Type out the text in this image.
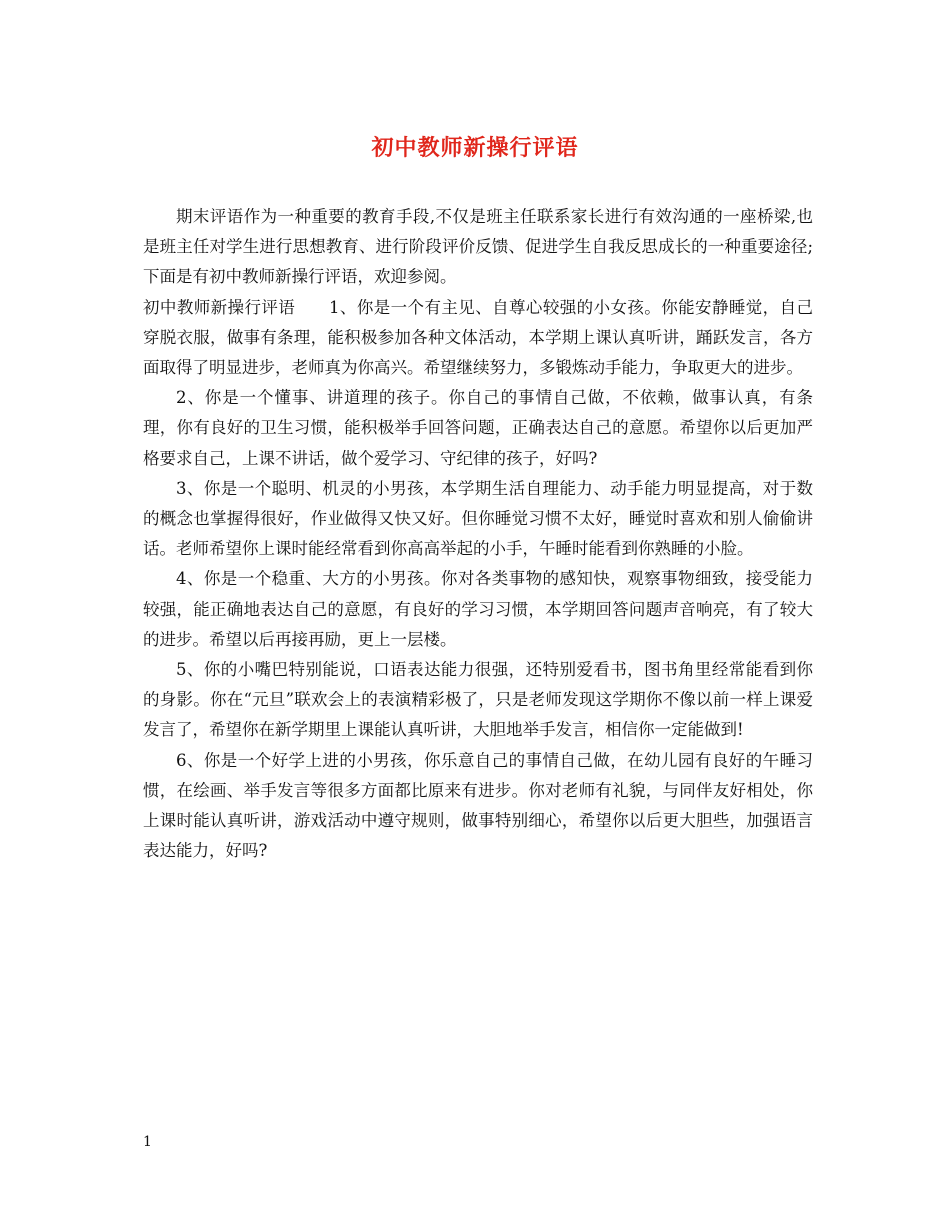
初中教师新操行评语

期末评语作为一种重要的教育手段,不仅是班主任联系家长进行有效沟通的一座桥梁,也是班主任对学生进行思想教育、进行阶段评价反馈、促进学生自我反思成长的一种重要途径;下面是有初中教师新操行评语，欢迎参阅。

初中教师新操行评语　　1、你是一个有主见、自尊心较强的小女孩。你能安静睡觉，自己穿脱衣服，做事有条理，能积极参加各种文体活动，本学期上课认真听讲，踊跃发言，各方面取得了明显进步，老师真为你高兴。希望继续努力，多锻炼动手能力，争取更大的进步。

2、你是一个懂事、讲道理的孩子。你自己的事情自己做，不依赖，做事认真，有条理，你有良好的卫生习惯，能积极举手回答问题，正确表达自己的意愿。希望你以后更加严格要求自己，上课不讲话，做个爱学习、守纪律的孩子，好吗?

3、你是一个聪明、机灵的小男孩，本学期生活自理能力、动手能力明显提高，对于数的概念也掌握得很好，作业做得又快又好。但你睡觉习惯不太好，睡觉时喜欢和别人偷偷讲话。老师希望你上课时能经常看到你高高举起的小手，午睡时能看到你熟睡的小脸。

4、你是一个稳重、大方的小男孩。你对各类事物的感知快，观察事物细致，接受能力较强，能正确地表达自己的意愿，有良好的学习习惯，本学期回答问题声音响亮，有了较大的进步。希望以后再接再励，更上一层楼。

5、你的小嘴巴特别能说，口语表达能力很强，还特别爱看书，图书角里经常能看到你的身影。你在“元旦”联欢会上的表演精彩极了，只是老师发现这学期你不像以前一样上课爱发言了，希望你在新学期里上课能认真听讲，大胆地举手发言，相信你一定能做到!

6、你是一个好学上进的小男孩，你乐意自己的事情自己做，在幼儿园有良好的午睡习惯，在绘画、举手发言等很多方面都比原来有进步。你对老师有礼貌，与同伴友好相处，你上课时能认真听讲，游戏活动中遵守规则，做事特别细心，希望你以后更大胆些，加强语言表达能力，好吗?

1
